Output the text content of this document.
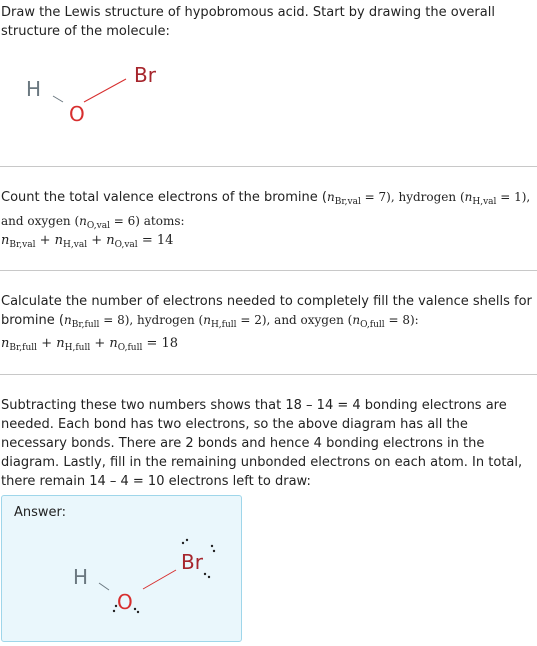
Draw the Lewis structure of hypobromous acid. Start by drawing the overall structure of the molecule:
H
O
Br
Count the total valence electrons of the bromine $(n_{Br,val} = 7)$, hydrogen $(n_{H,val} = 1)$, and oxygen $(n_{O,val} = 6)$ atoms:
$n_{Br,val} + n_{H,val} + n_{O,val} = 14$
Calculate the number of electrons needed to completely fill the valence shells for bromine $(n_{Br,full} = 8)$, hydrogen $(n_{H,full} = 2)$, and oxygen $(n_{O,full} = 8)$:
$n_{Br,full} + n_{H,full} + n_{O,full} = 18$
Subtracting these two numbers shows that 18 – 14 = 4 bonding electrons are needed. Each bond has two electrons, so the above diagram has all the necessary bonds. There are 2 bonds and hence 4 bonding electrons in the diagram. Lastly, fill in the remaining unbonded electrons on each atom. In total, there remain 14 – 4 = 10 electrons left to draw:
Answer:
H
O
Br
